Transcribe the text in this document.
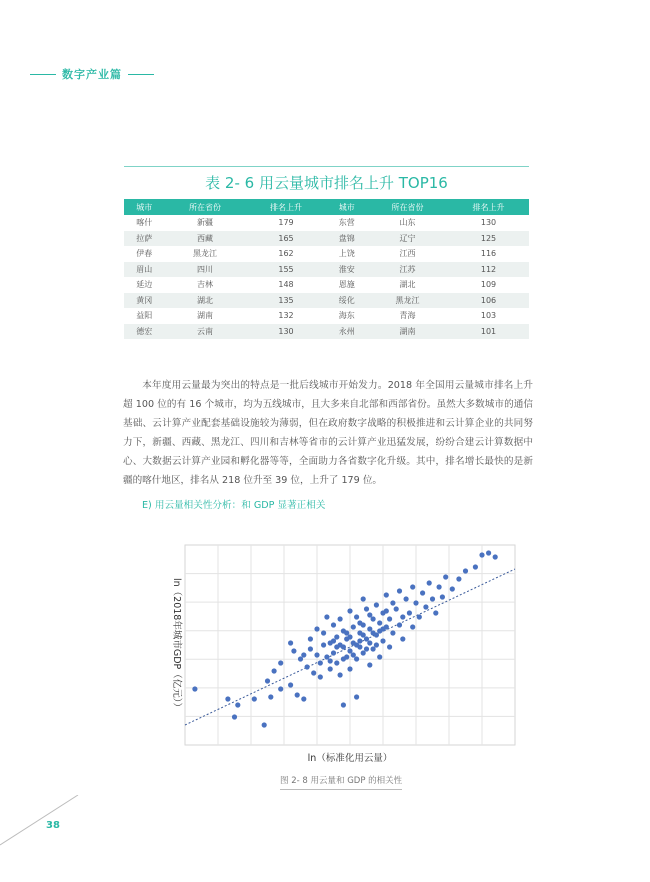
数字产业篇
表 2- 6 用云量城市排名上升 TOP16
城市	所在省份	排名上升	城市	所在省份	排名上升
喀什	新疆	179	东营	山东	130
拉萨	西藏	165	盘锦	辽宁	125
伊春	黑龙江	162	上饶	江西	116
眉山	四川	155	淮安	江苏	112
延边	吉林	148	恩施	湖北	109
黄冈	湖北	135	绥化	黑龙江	106
益阳	湖南	132	海东	青海	103
德宏	云南	130	永州	湖南	101

本年度用云量最为突出的特点是一批后线城市开始发力。2018 年全国用云量城市排名上升超 100 位的有 16 个城市，均为五线城市，且大多来自北部和西部省份。虽然大多数城市的通信基础、云计算产业配套基础设施较为薄弱，但在政府数字战略的积极推进和云计算企业的共同努力下，新疆、西藏、黑龙江、四川和吉林等省市的云计算产业迅猛发展，纷纷合建云计算数据中心、大数据云计算产业园和孵化器等等，全面助力各省数字化升级。其中，排名增长最快的是新疆的喀什地区，排名从 218 位升至 39 位，上升了 179 位。

E) 用云量相关性分析：和 GDP 显著正相关
ln（标准化用云量）
ln（2018年城市GDP（亿元））
图 2- 8 用云量和 GDP 的相关性
38
